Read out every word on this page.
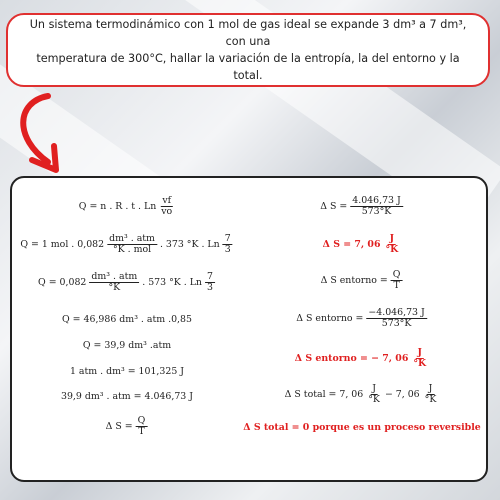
Un sistema termodinámico con 1 mol de gas ideal se expande 3 dm³ a 7 dm³, con una
temperatura de 300°C, hallar la variación de la entropía, la del entorno y la total.
Q = n . R . t . Ln $\frac{vf}{vo}$
Q = 1 mol . $0,082 \frac{\text{dm³ . atm}}{\text{°K . mol}}$ . 373 °K . Ln $\frac{7}{3}$
$Q = 0,082 \frac{\text{dm³ . atm}}{^\circ K}$ . 573 °K . Ln $\frac{7}{3}$
Q = 46,986 dm³ . atm .0,85
Q = 39,9 dm³ .atm
1 atm . dm³ = 101,325 J
39,9 dm³ . atm = 4.046,73 J
Δ $S = \frac{Q}{T}$
Δ $S = \frac{4.046,73 J}{573^\circ K}$
Δ S = 7, $06 \frac{J}{^\circ K}$
Δ S entorno = $\frac{Q}{T}$
Δ S entorno = $\frac{-4.046,73 J}{573^\circ K}$
Δ S entorno = − 7, $06 \frac{J}{^\circ K}$
Δ S total = 7, $06 \frac{J}{^\circ K} - 7$, $06 \frac{J}{^\circ K}$
Δ S total = 0 porque es un proceso reversible
